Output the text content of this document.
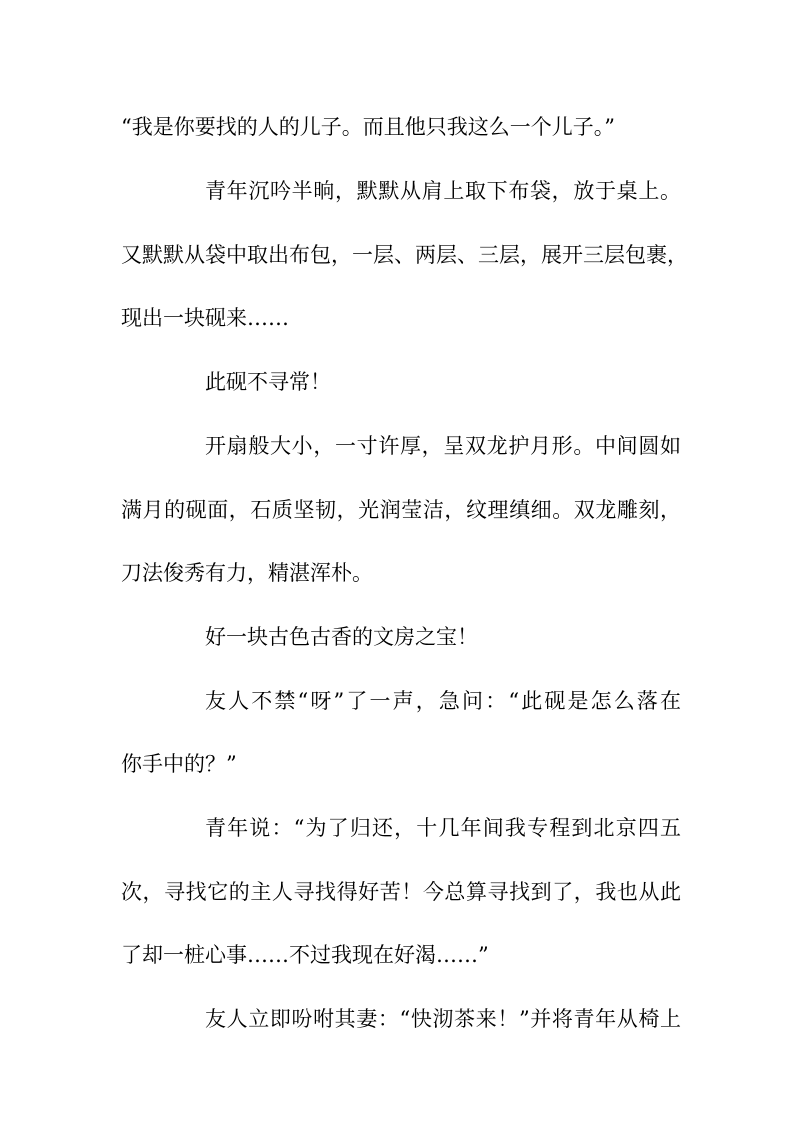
“我是你要找的人的儿子。而且他只我这么一个儿子。”
青年沉吟半晌，默默从肩上取下布袋，放于桌上。
又默默从袋中取出布包，一层、两层、三层，展开三层包裹，
现出一块砚来……
此砚不寻常！
开扇般大小，一寸许厚，呈双龙护月形。中间圆如
满月的砚面，石质坚韧，光润莹洁，纹理缜细。双龙雕刻，
刀法俊秀有力，精湛浑朴。
好一块古色古香的文房之宝！
友人不禁“呀”了一声，急问：“此砚是怎么落在
你手中的？”
青年说：“为了归还，十几年间我专程到北京四五
次，寻找它的主人寻找得好苦！今总算寻找到了，我也从此
了却一桩心事……不过我现在好渴……”
友人立即吩咐其妻：“快沏茶来！”并将青年从椅上
